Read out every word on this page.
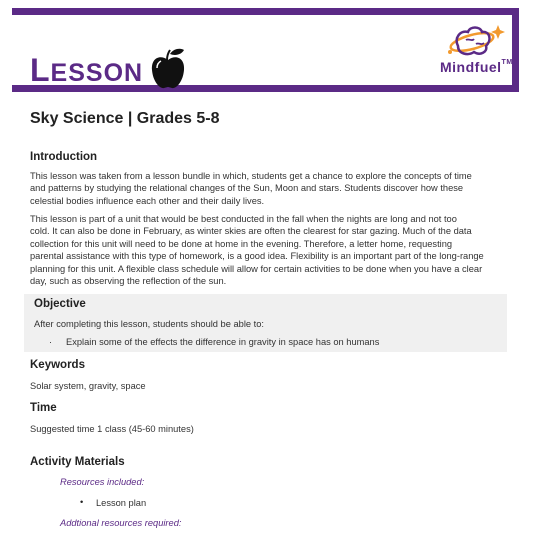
LESSON	Mindfuel™
Sky Science | Grades 5-8
Introduction
This lesson was taken from a lesson bundle in which, students get a chance to explore the concepts of time
and patterns by studying the relational changes of the Sun, Moon and stars. Students discover how these
celestial bodies influence each other and their daily lives.
This lesson is part of a unit that would be best conducted in the fall when the nights are long and not too
cold. It can also be done in February, as winter skies are often the clearest for star gazing. Much of the data
collection for this unit will need to be done at home in the evening. Therefore, a letter home, requesting
parental assistance with this type of homework, is a good idea. Flexibility is an important part of the long-range
planning for this unit. A flexible class schedule will allow for certain activities to be done when you have a clear
day, such as observing the reflection of the sun.
Objective
After completing this lesson, students should be able to:
· Explain some of the effects the difference in gravity in space has on humans
Keywords
Solar system, gravity, space
Time
Suggested time 1 class (45-60 minutes)
Activity Materials
Resources included:
• Lesson plan
Addtional resources required:
